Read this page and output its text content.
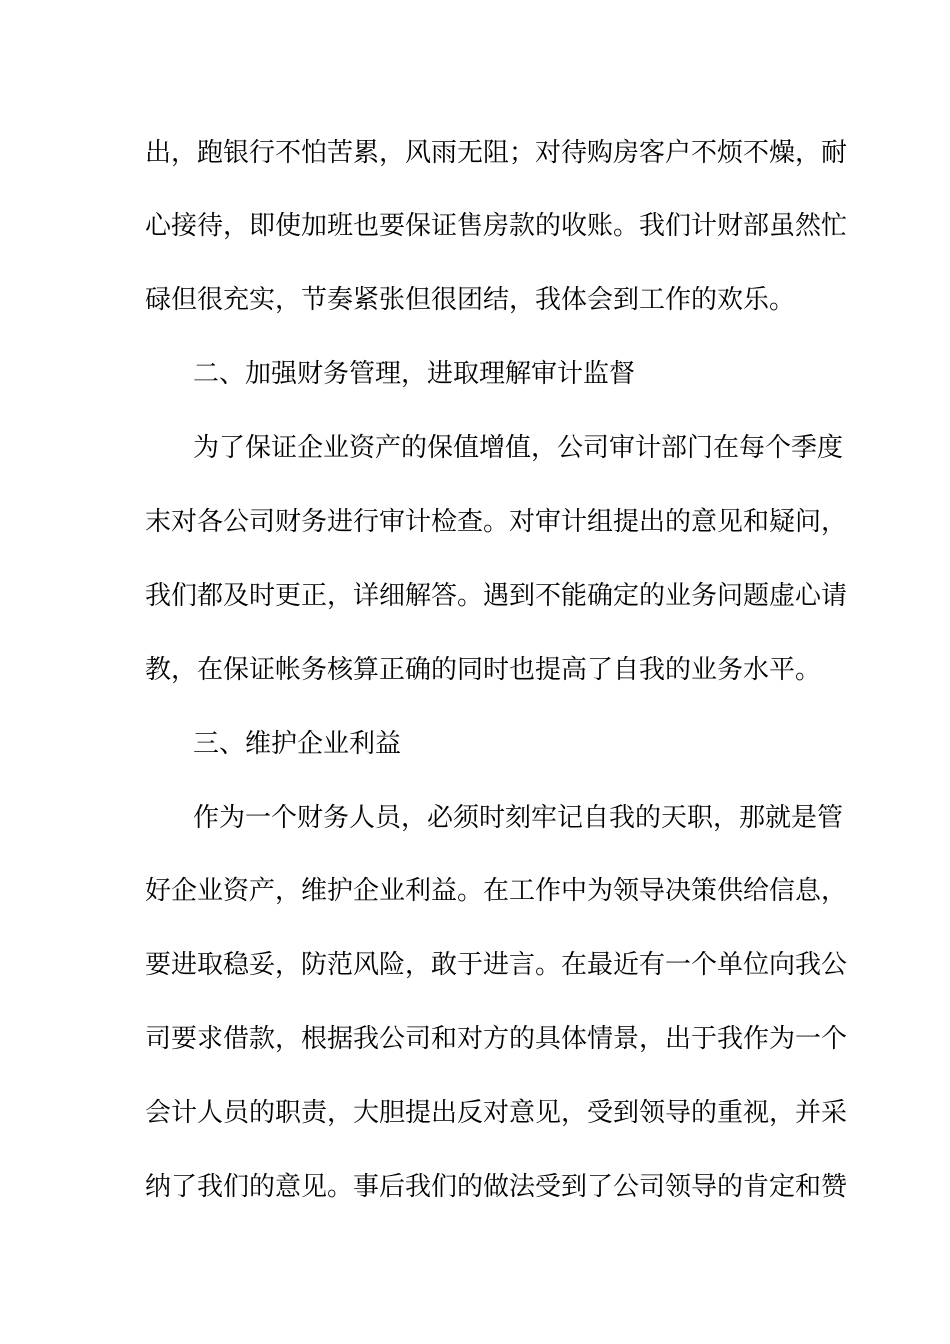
出，跑银行不怕苦累，风雨无阻；对待购房客户不烦不燥，耐
心接待，即使加班也要保证售房款的收账。我们计财部虽然忙
碌但很充实，节奏紧张但很团结，我体会到工作的欢乐。
二、加强财务管理，进取理解审计监督
为了保证企业资产的保值增值，公司审计部门在每个季度
末对各公司财务进行审计检查。对审计组提出的意见和疑问，
我们都及时更正，详细解答。遇到不能确定的业务问题虚心请
教，在保证帐务核算正确的同时也提高了自我的业务水平。
三、维护企业利益
作为一个财务人员，必须时刻牢记自我的天职，那就是管
好企业资产，维护企业利益。在工作中为领导决策供给信息，
要进取稳妥，防范风险，敢于进言。在最近有一个单位向我公
司要求借款，根据我公司和对方的具体情景，出于我作为一个
会计人员的职责，大胆提出反对意见，受到领导的重视，并采
纳了我们的意见。事后我们的做法受到了公司领导的肯定和赞
